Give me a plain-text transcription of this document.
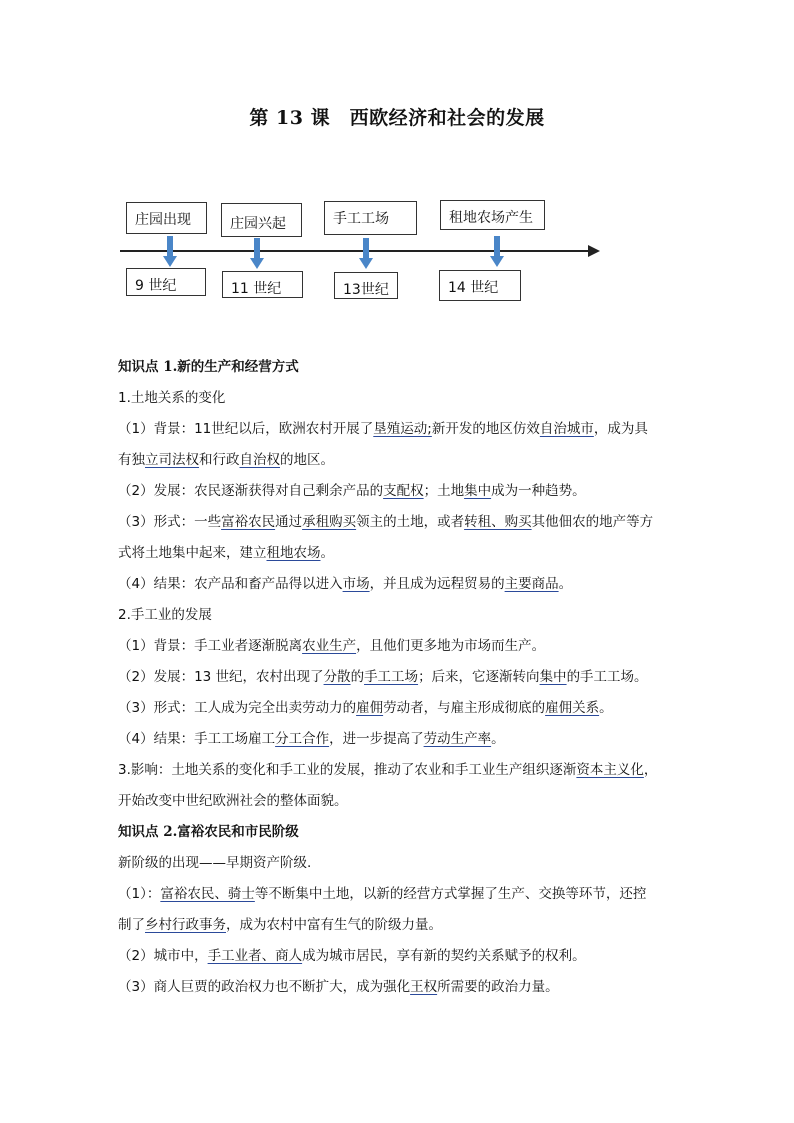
第 13 课　西欧经济和社会的发展
庄园出现	庄园兴起	手工工场	租地农场产生
9 世纪	11 世纪	13世纪	14 世纪
知识点 1.新的生产和经营方式
1.土地关系的变化
（1）背景：11世纪以后，欧洲农村开展了垦殖运动;新开发的地区仿效自治城市，成为具
有独立司法权和行政自治权的地区。
（2）发展：农民逐渐获得对自己剩余产品的支配权；土地集中成为一种趋势。
（3）形式：一些富裕农民通过承租购买领主的土地，或者转租、购买其他佃农的地产等方
式将土地集中起来，建立租地农场。
（4）结果：农产品和畜产品得以进入市场，并且成为远程贸易的主要商品。
2.手工业的发展
（1）背景：手工业者逐渐脱离农业生产，且他们更多地为市场而生产。
（2）发展：13 世纪，农村出现了分散的手工工场；后来，它逐渐转向集中的手工工场。
（3）形式：工人成为完全出卖劳动力的雇佣劳动者，与雇主形成彻底的雇佣关系。
（4）结果：手工工场雇工分工合作，进一步提高了劳动生产率。
3.影响：土地关系的变化和手工业的发展，推动了农业和手工业生产组织逐渐资本主义化，
开始改变中世纪欧洲社会的整体面貌。
知识点 2.富裕农民和市民阶级
新阶级的出现——早期资产阶级.
（1）：富裕农民、骑士等不断集中土地，以新的经营方式掌握了生产、交换等环节，还控
制了乡村行政事务，成为农村中富有生气的阶级力量。
（2）城市中，手工业者、商人成为城市居民，享有新的契约关系赋予的权利。
（3）商人巨贾的政治权力也不断扩大，成为强化王权所需要的政治力量。
